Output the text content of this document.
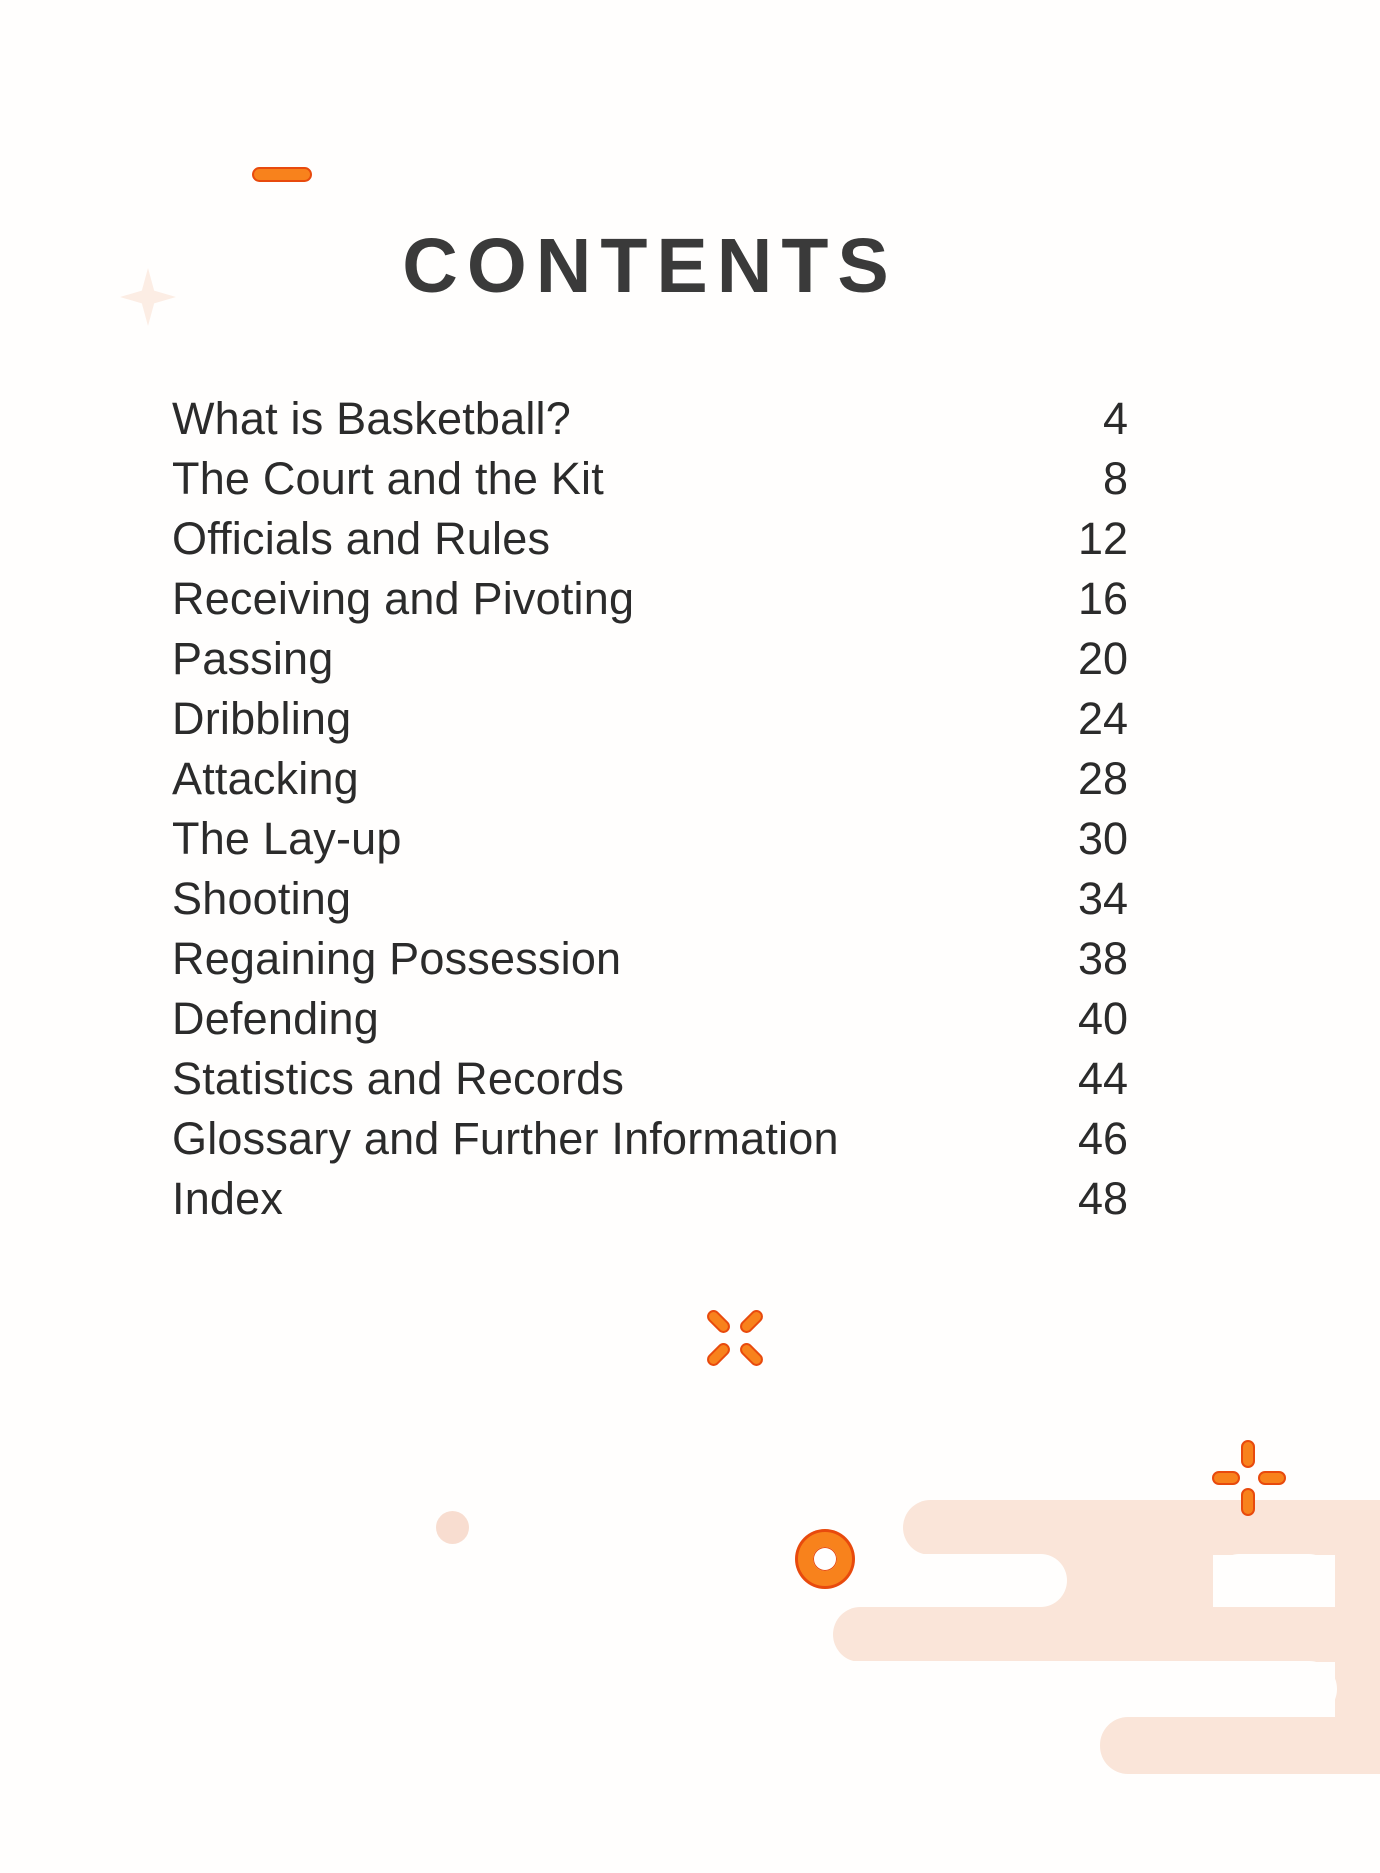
CONTENTS
What is Basketball?	4
The Court and the Kit	8
Officials and Rules	12
Receiving and Pivoting	16
Passing	20
Dribbling	24
Attacking	28
The Lay-up	30
Shooting	34
Regaining Possession	38
Defending	40
Statistics and Records	44
Glossary and Further Information	46
Index	48
